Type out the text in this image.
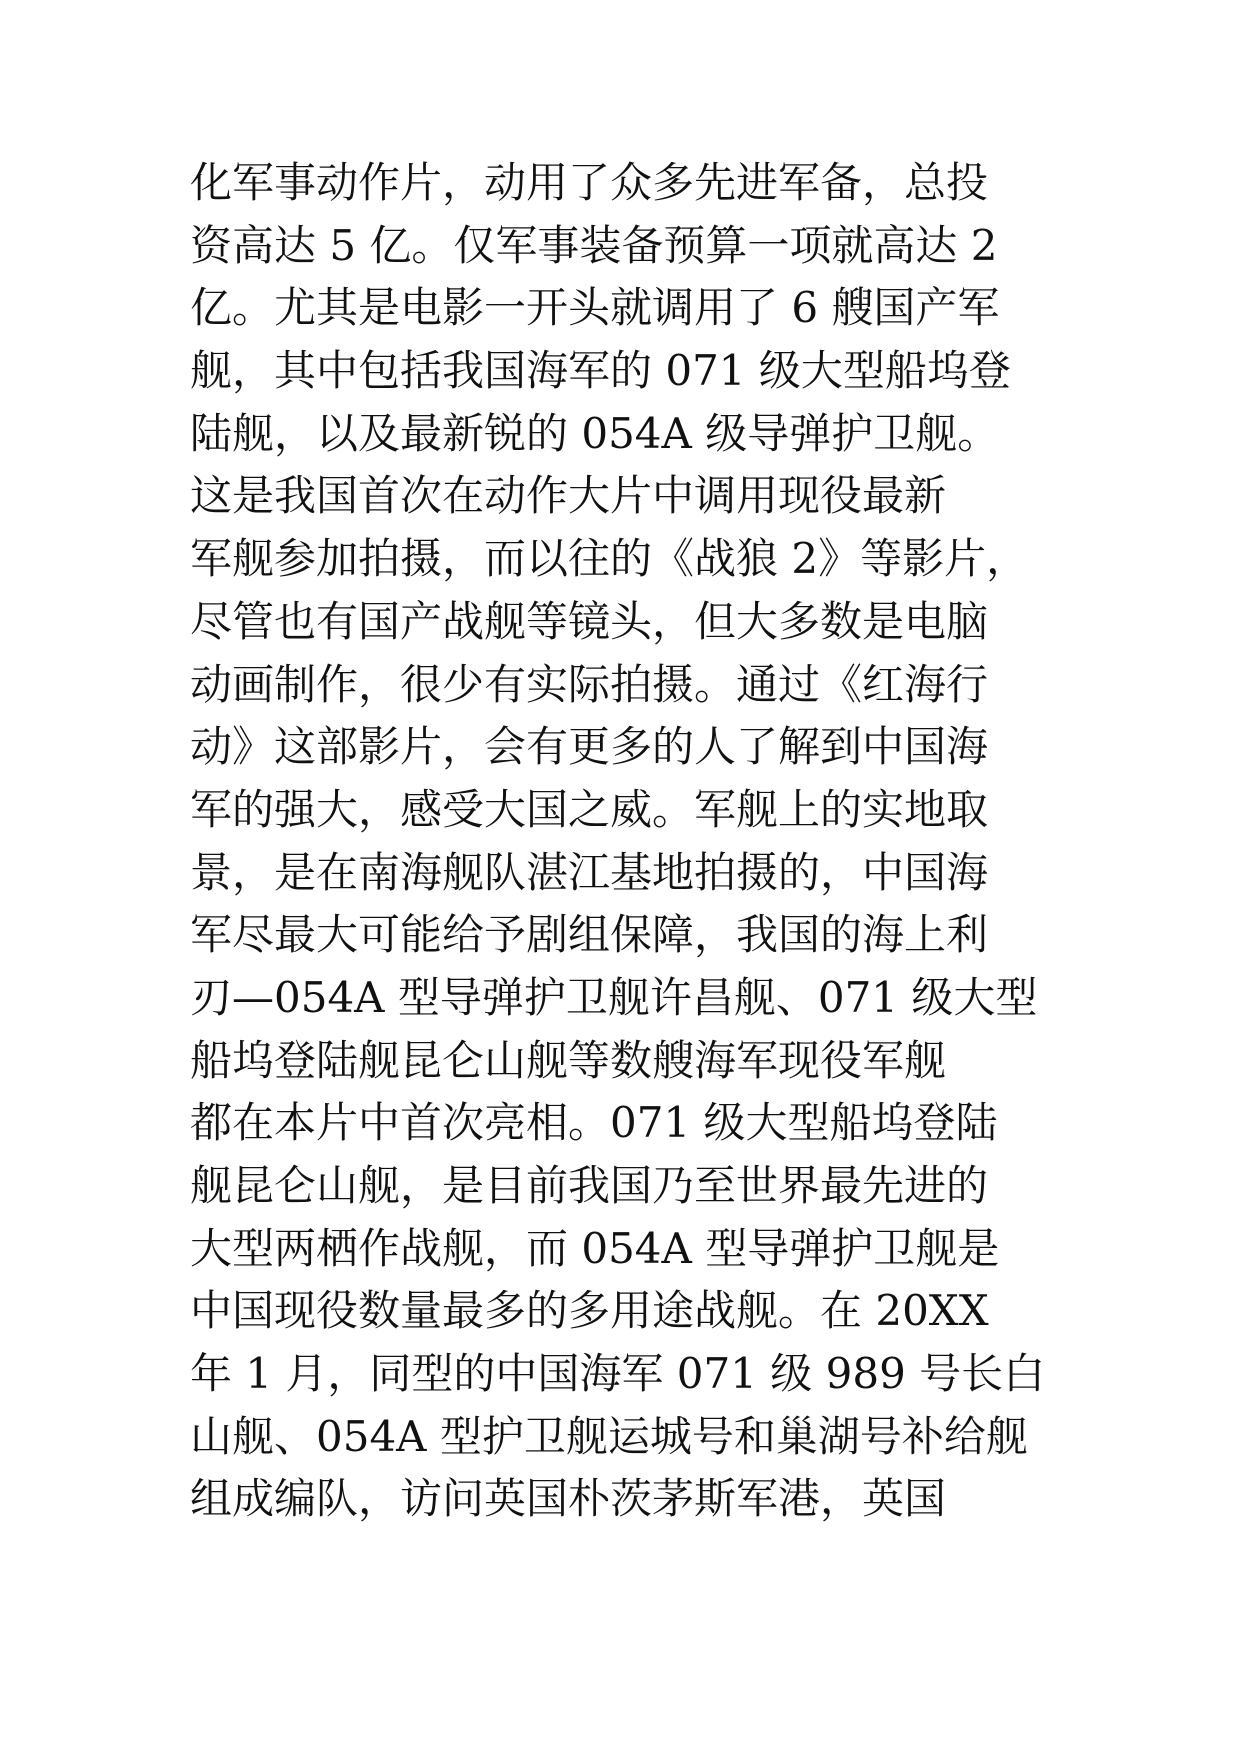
化军事动作片，动用了众多先进军备，总投
资高达 5 亿。仅军事装备预算一项就高达 2
亿。尤其是电影一开头就调用了 6 艘国产军
舰，其中包括我国海军的 071 级大型船坞登
陆舰，以及最新锐的 054A 级导弹护卫舰。
这是我国首次在动作大片中调用现役最新
军舰参加拍摄，而以往的《战狼 2》等影片，
尽管也有国产战舰等镜头，但大多数是电脑
动画制作，很少有实际拍摄。通过《红海行
动》这部影片，会有更多的人了解到中国海
军的强大，感受大国之威。军舰上的实地取
景，是在南海舰队湛江基地拍摄的，中国海
军尽最大可能给予剧组保障，我国的海上利
刃—054A 型导弹护卫舰许昌舰、071 级大型
船坞登陆舰昆仑山舰等数艘海军现役军舰
都在本片中首次亮相。071 级大型船坞登陆
舰昆仑山舰，是目前我国乃至世界最先进的
大型两栖作战舰，而 054A 型导弹护卫舰是
中国现役数量最多的多用途战舰。在 20XX
年 1 月，同型的中国海军 071 级 989 号长白
山舰、054A 型护卫舰运城号和巢湖号补给舰
组成编队，访问英国朴茨茅斯军港，英国
